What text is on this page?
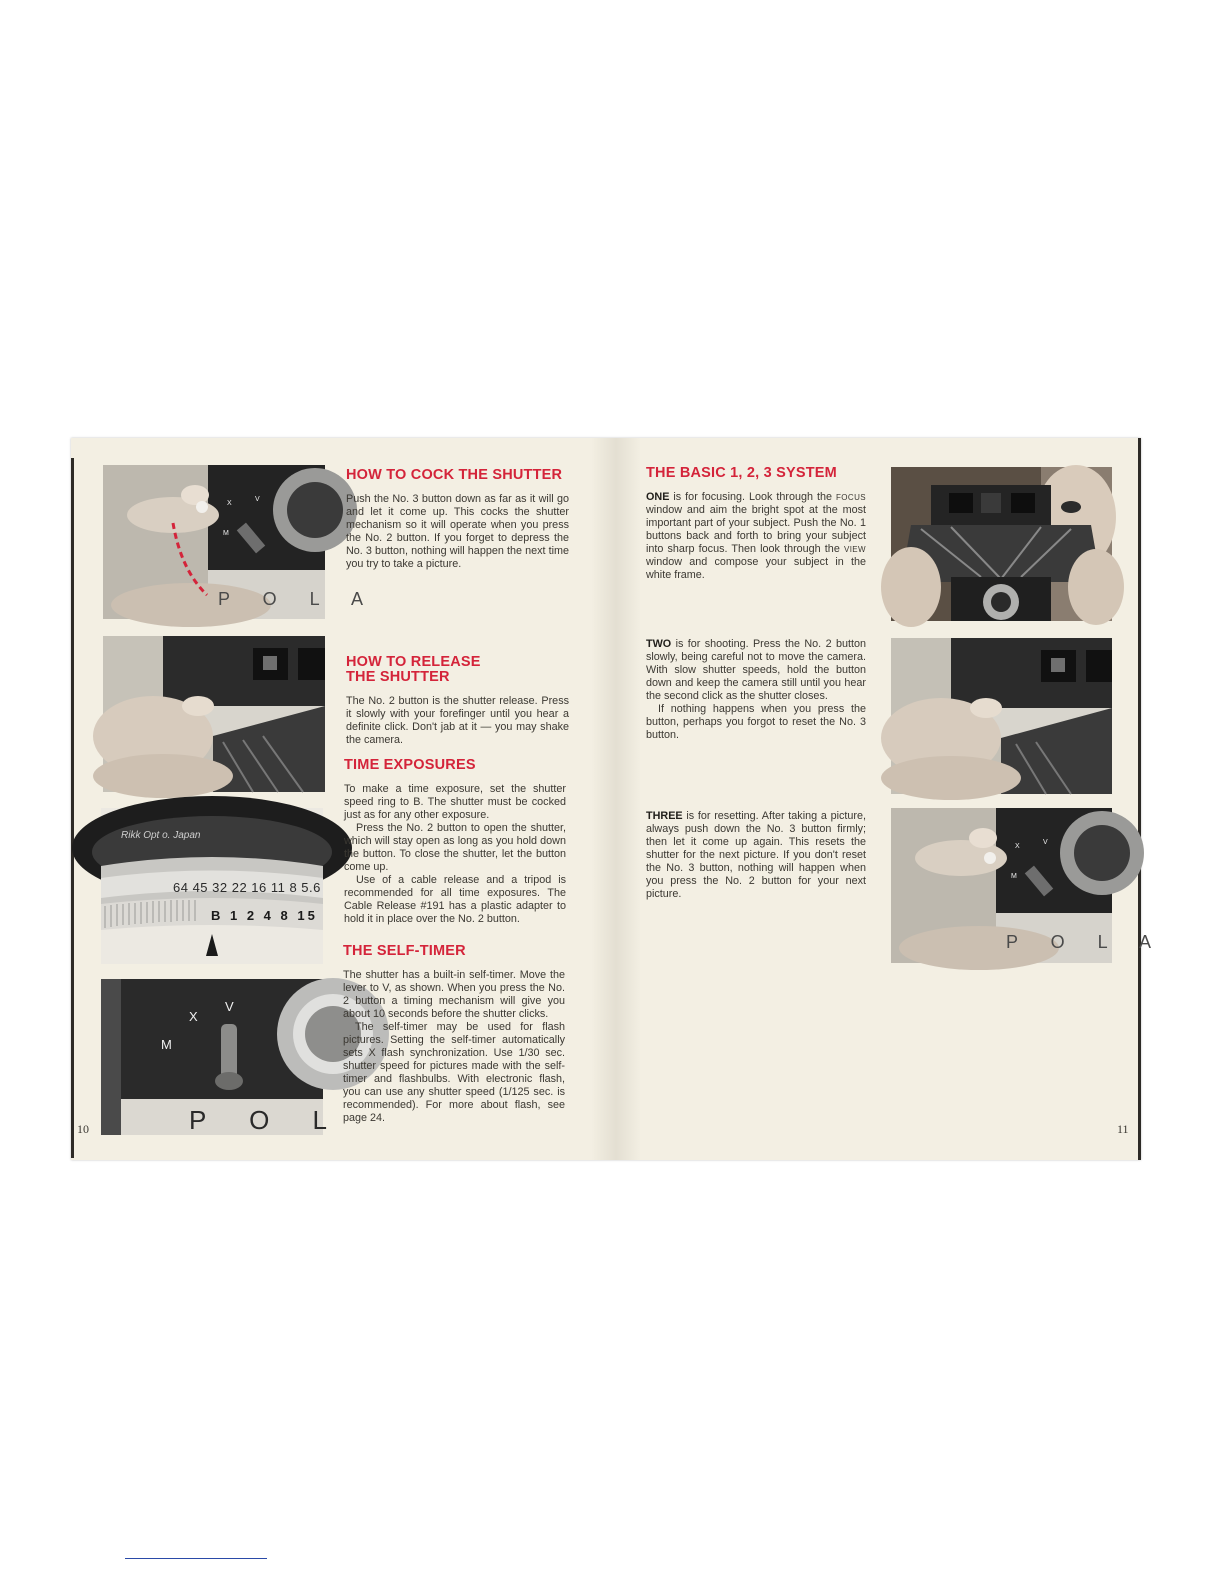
X
V
M
P O L A
Rikk Opt o. Japan
64 45 32 22 16 11 8 5.6
B 1 2 4 8 15
X
V
M
P O L
10
HOW TO COCK THE SHUTTER

Push the No. 3 button down as far as it will go and let it come up. This cocks the shutter mechanism so it will operate when you press the No. 2 button. If you forget to depress the No. 3 button, nothing will happen the next time you try to take a picture.

HOW TO RELEASE
THE SHUTTER

The No. 2 button is the shutter release. Press it slowly with your forefinger until you hear a definite click. Don't jab at it — you may shake the camera.

TIME EXPOSURES

To make a time exposure, set the shutter speed ring to B. The shutter must be cocked just as for any other exposure.

Press the No. 2 button to open the shutter, which will stay open as long as you hold down the button. To close the shutter, let the button come up.

Use of a cable release and a tripod is recommended for all time exposures. The Cable Release #191 has a plastic adapter to hold it in place over the No. 2 button.

THE SELF-TIMER

The shutter has a built-in self-timer. Move the lever to V, as shown. When you press the No. 2 button a timing mechanism will give you about 10 seconds before the shutter clicks.

The self-timer may be used for flash pictures. Setting the self-timer automatically sets X flash synchronization. Use 1/30 sec. shutter speed for pictures made with the self-timer and flashbulbs. With electronic flash, you can use any shutter speed (1/125 sec. is recommended). For more about flash, see page 24.

THE BASIC 1, 2, 3 SYSTEM

ONE is for focusing. Look through the FOCUS window and aim the bright spot at the most important part of your subject. Push the No. 1 buttons back and forth to bring your subject into sharp focus. Then look through the VIEW window and compose your subject in the white frame.

TWO is for shooting. Press the No. 2 button slowly, being careful not to move the camera. With slow shutter speeds, hold the button down and keep the camera still until you hear the second click as the shutter closes.

If nothing happens when you press the button, perhaps you forgot to reset the No. 3 button.

THREE is for resetting. After taking a picture, always push down the No. 3 button firmly; then let it come up again. This resets the shutter for the next picture. If you don't reset the No. 3 button, nothing will happen when you press the No. 2 button for your next picture.

X
V
M
P O L A
11
